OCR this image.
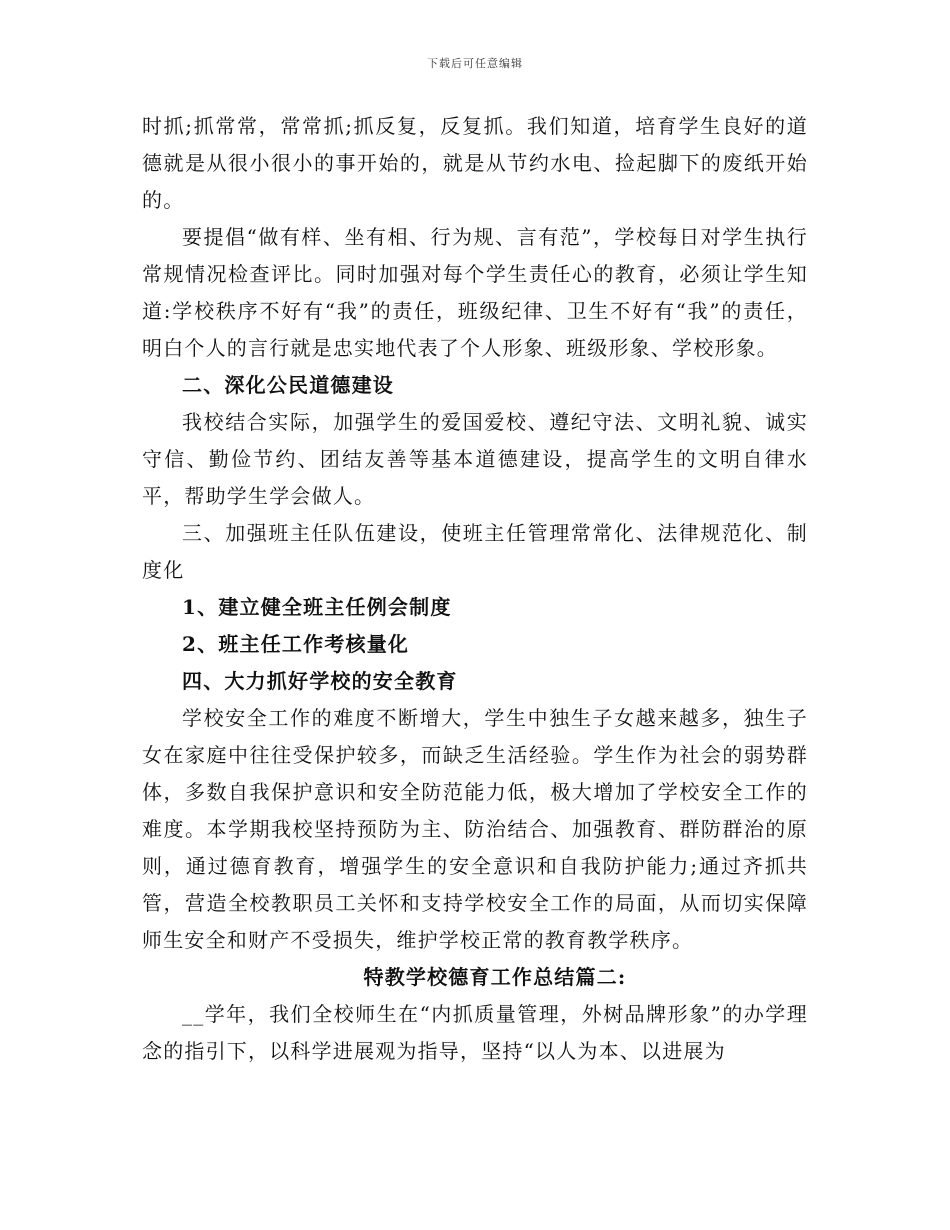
下载后可任意编辑

时抓;抓常常，常常抓;抓反复，反复抓。我们知道，培育学生良好的道德就是从很小很小的事开始的，就是从节约水电、捡起脚下的废纸开始的。

要提倡“做有样、坐有相、行为规、言有范”，学校每日对学生执行常规情况检查评比。同时加强对每个学生责任心的教育，必须让学生知道:学校秩序不好有“我”的责任，班级纪律、卫生不好有“我”的责任，明白个人的言行就是忠实地代表了个人形象、班级形象、学校形象。

二、深化公民道德建设

我校结合实际，加强学生的爱国爱校、遵纪守法、文明礼貌、诚实守信、勤俭节约、团结友善等基本道德建设，提高学生的文明自律水平，帮助学生学会做人。

三、加强班主任队伍建设，使班主任管理常常化、法律规范化、制度化

1、建立健全班主任例会制度

2、班主任工作考核量化

四、大力抓好学校的安全教育

学校安全工作的难度不断增大，学生中独生子女越来越多，独生子女在家庭中往往受保护较多，而缺乏生活经验。学生作为社会的弱势群体，多数自我保护意识和安全防范能力低，极大增加了学校安全工作的难度。本学期我校坚持预防为主、防治结合、加强教育、群防群治的原则，通过德育教育，增强学生的安全意识和自我防护能力;通过齐抓共管，营造全校教职员工关怀和支持学校安全工作的局面，从而切实保障师生安全和财产不受损失，维护学校正常的教育教学秩序。

特教学校德育工作总结篇二:

__学年，我们全校师生在“内抓质量管理，外树品牌形象”的办学理念的指引下，以科学进展观为指导，坚持“以人为本、以进展为
